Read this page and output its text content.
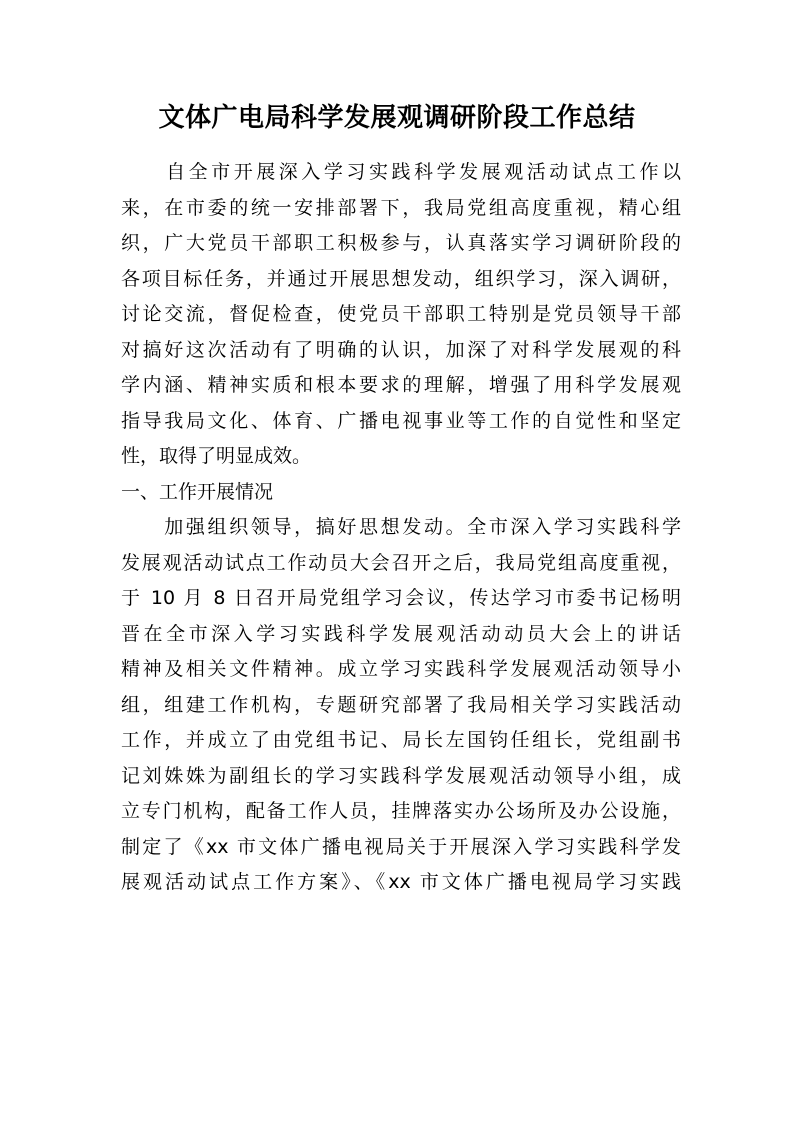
文体广电局科学发展观调研阶段工作总结
　　自全市开展深入学习实践科学发展观活动试点工作以
来，在市委的统一安排部署下，我局党组高度重视，精心组
织，广大党员干部职工积极参与，认真落实学习调研阶段的
各项目标任务，并通过开展思想发动，组织学习，深入调研，
讨论交流，督促检查，使党员干部职工特别是党员领导干部
对搞好这次活动有了明确的认识，加深了对科学发展观的科
学内涵、精神实质和根本要求的理解，增强了用科学发展观
指导我局文化、体育、广播电视事业等工作的自觉性和坚定
性，取得了明显成效。
一、工作开展情况
　　加强组织领导，搞好思想发动。全市深入学习实践科学
发展观活动试点工作动员大会召开之后，我局党组高度重视，
于 10 月 8 日召开局党组学习会议，传达学习市委书记杨明
晋在全市深入学习实践科学发展观活动动员大会上的讲话
精神及相关文件精神。成立学习实践科学发展观活动领导小
组，组建工作机构，专题研究部署了我局相关学习实践活动
工作，并成立了由党组书记、局长左国钧任组长，党组副书
记刘姝姝为副组长的学习实践科学发展观活动领导小组，成
立专门机构，配备工作人员，挂牌落实办公场所及办公设施，
制定了《xx 市文体广播电视局关于开展深入学习实践科学发
展观活动试点工作方案》、《xx 市文体广播电视局学习实践
